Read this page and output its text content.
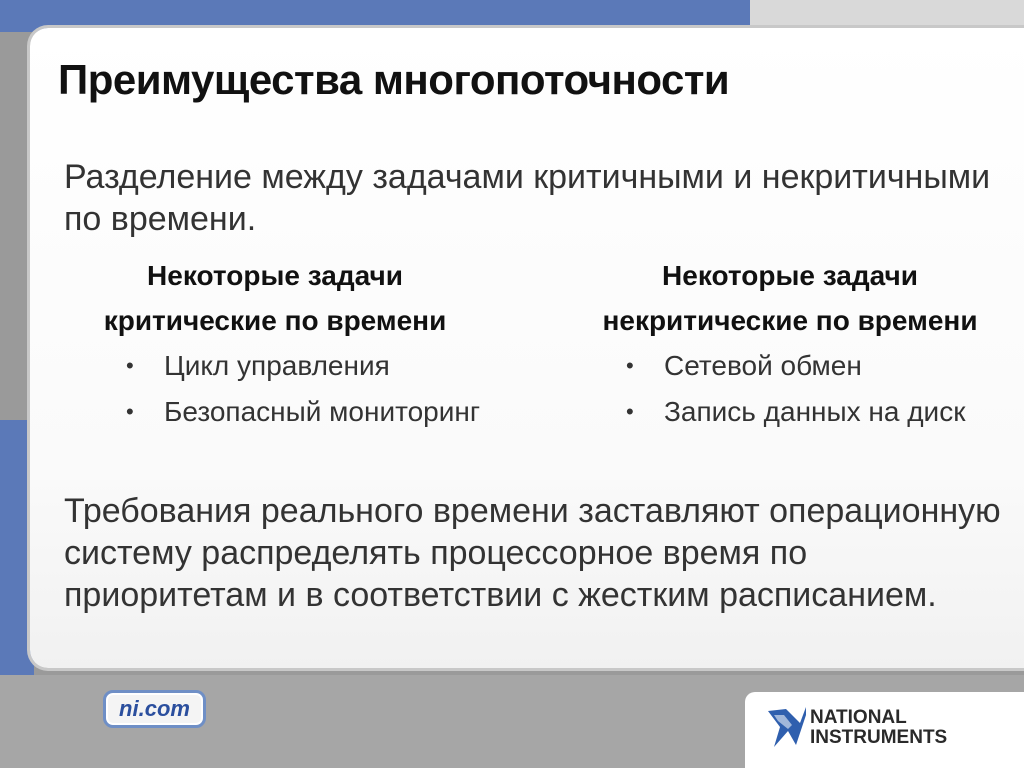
Преимущества многопоточности

Разделение между задачами критичными и некритичными по времени.

Некоторые задачи

критические по времени

• Цикл управления
• Безопасный мониторинг

Некоторые задачи

некритические по времени

• Сетевой обмен
• Запись данных на диск

Требования реального времени заставляют операционную систему распределять процессорное время по приоритетам и в соответствии с жестким расписанием.

ni.com	NATIONAL
INSTRUMENTS
